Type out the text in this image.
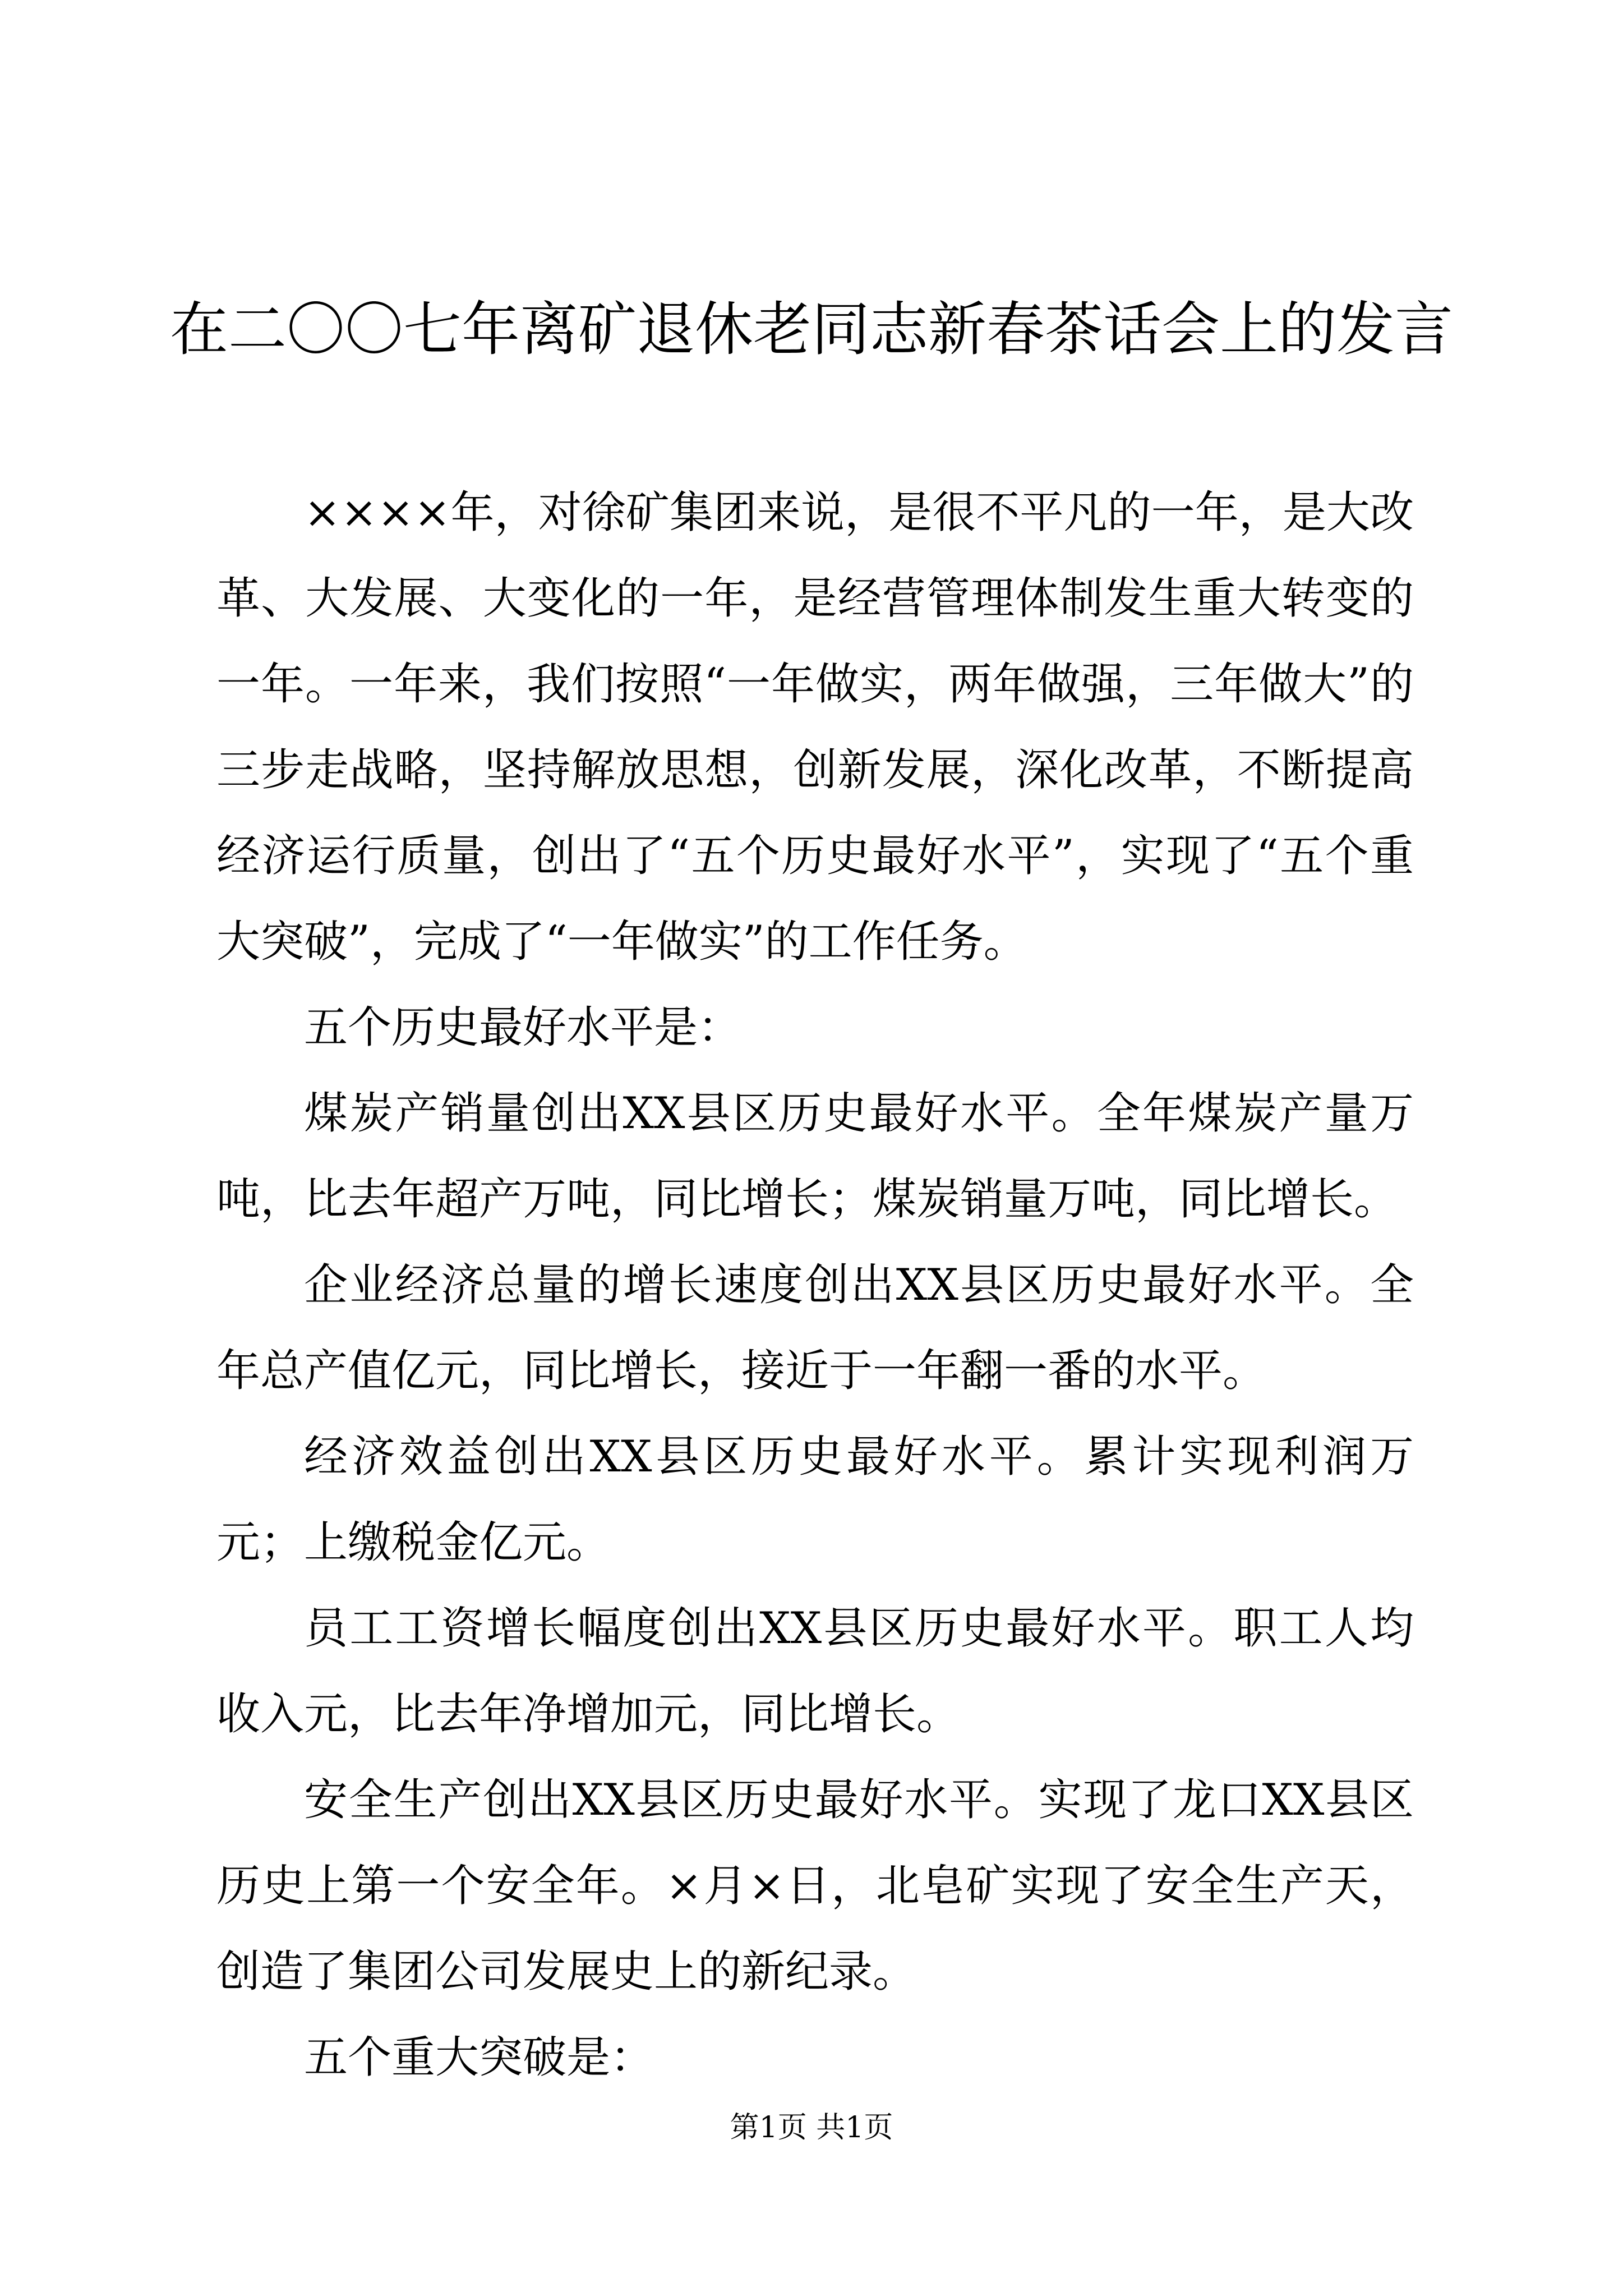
在二〇〇七年离矿退休老同志新春茶话会上的发言

××××年，对徐矿集团来说，是很不平凡的一年，是大改革、大发展、大变化的一年，是经营管理体制发生重大转变的一年。一年来，我们按照“一年做实，两年做强，三年做大”的三步走战略，坚持解放思想，创新发展，深化改革，不断提高经济运行质量，创出了“五个历史最好水平”，实现了“五个重大突破”，完成了“一年做实”的工作任务。

五个历史最好水平是：

煤炭产销量创出XX县区历史最好水平。全年煤炭产量万吨，比去年超产万吨，同比增长；煤炭销量万吨，同比增长。

企业经济总量的增长速度创出XX县区历史最好水平。全年总产值亿元，同比增长，接近于一年翻一番的水平。

经济效益创出XX县区历史最好水平。累计实现利润万元；上缴税金亿元。

员工工资增长幅度创出XX县区历史最好水平。职工人均收入元，比去年净增加元，同比增长。

安全生产创出XX县区历史最好水平。实现了龙口XX县区历史上第一个安全年。×月×日，北皂矿实现了安全生产天，创造了集团公司发展史上的新纪录。

五个重大突破是：

第1页 共1页
